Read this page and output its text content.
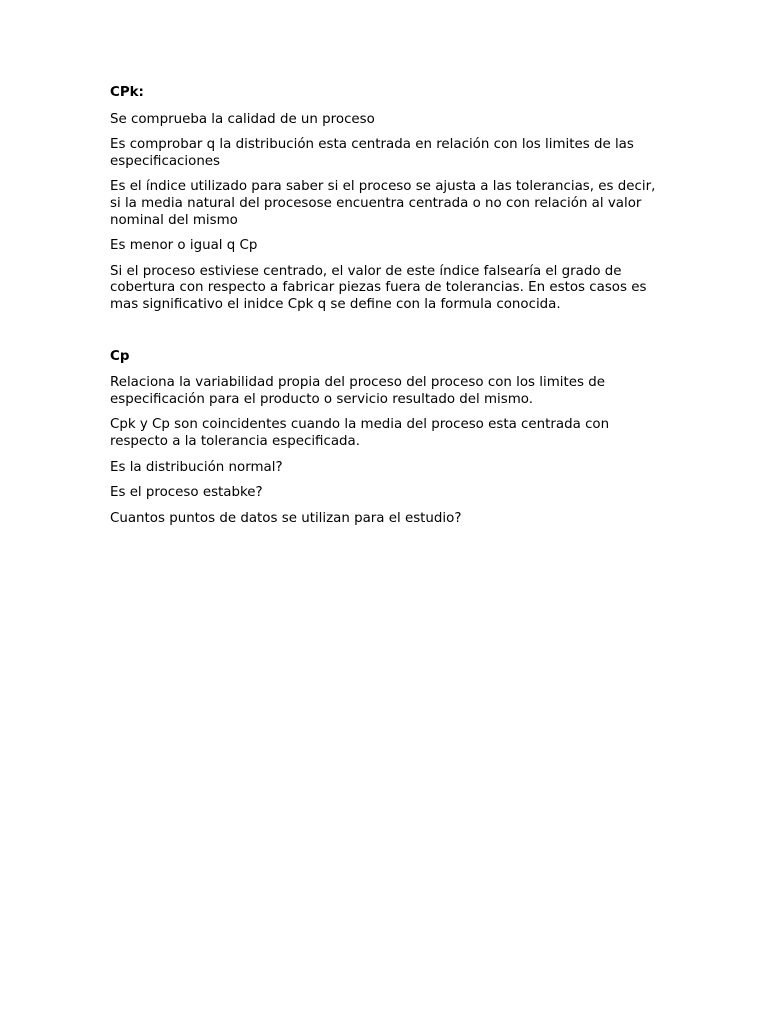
CPk:

Se comprueba la calidad de un proceso

Es comprobar q la distribución esta centrada en relación con los limites de las especificaciones

Es el índice utilizado para saber si el proceso se ajusta a las tolerancias, es decir, si la media natural del procesose encuentra centrada o no con relación al valor nominal del mismo

Es menor o igual q Cp

Si el proceso estiviese centrado, el valor de este índice falsearía el grado de cobertura con respecto a fabricar piezas fuera de tolerancias. En estos casos es mas significativo el inidce Cpk q se define con la formula conocida.

Cp

Relaciona la variabilidad propia del proceso del proceso con los limites de especificación para el producto o servicio resultado del mismo.

Cpk y Cp son coincidentes cuando la media del proceso esta centrada con respecto a la tolerancia especificada.

Es la distribución normal?

Es el proceso estabke?

Cuantos puntos de datos se utilizan para el estudio?
